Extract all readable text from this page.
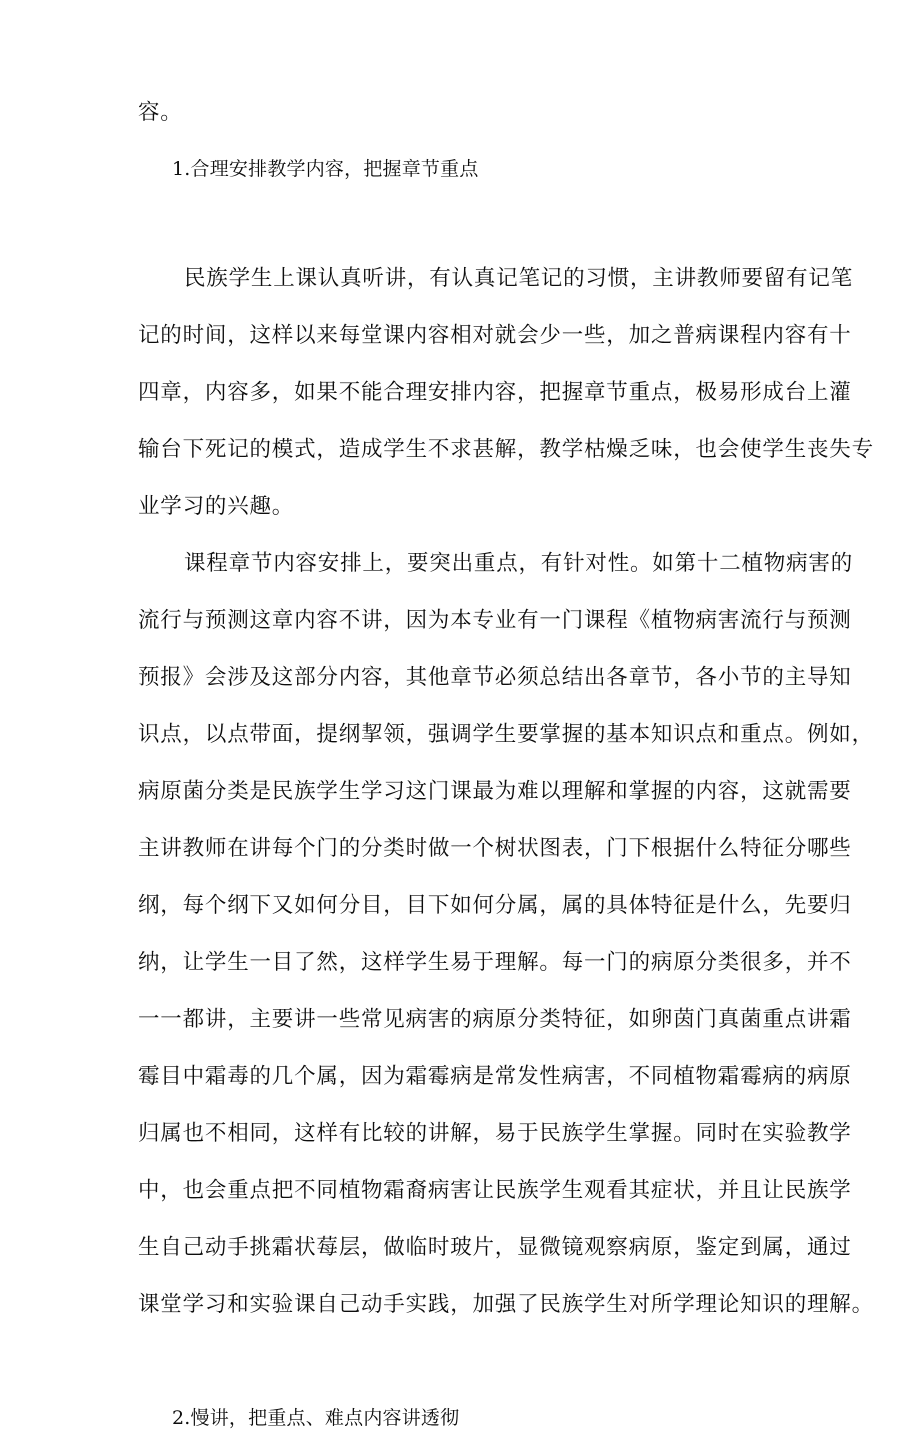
容。
1.合理安排教学内容，把握章节重点
民族学生上课认真听讲，有认真记笔记的习惯，主讲教师要留有记笔
记的时间，这样以来每堂课内容相对就会少一些，加之普病课程内容有十
四章，内容多，如果不能合理安排内容，把握章节重点，极易形成台上灌
输台下死记的模式，造成学生不求甚解，教学枯燥乏味，也会使学生丧失专
业学习的兴趣。
课程章节内容安排上，要突出重点，有针对性。如第十二植物病害的
流行与预测这章内容不讲，因为本专业有一门课程《植物病害流行与预测
预报》会涉及这部分内容，其他章节必须总结出各章节，各小节的主导知
识点，以点带面，提纲挈领，强调学生要掌握的基本知识点和重点。例如，
病原菌分类是民族学生学习这门课最为难以理解和掌握的内容，这就需要
主讲教师在讲每个门的分类时做一个树状图表，门下根据什么特征分哪些
纲，每个纲下又如何分目，目下如何分属，属的具体特征是什么，先要归
纳，让学生一目了然，这样学生易于理解。每一门的病原分类很多，并不
一一都讲，主要讲一些常见病害的病原分类特征，如卵茵门真菌重点讲霜
霉目中霜毒的几个属，因为霜霉病是常发性病害，不同植物霜霉病的病原
归属也不相同，这样有比较的讲解，易于民族学生掌握。同时在实验教学
中，也会重点把不同植物霜裔病害让民族学生观看其症状，并且让民族学
生自己动手挑霜状莓层，做临时玻片，显微镜观察病原，鉴定到属，通过
课堂学习和实验课自己动手实践，加强了民族学生对所学理论知识的理解。
2.慢讲，把重点、难点内容讲透彻
